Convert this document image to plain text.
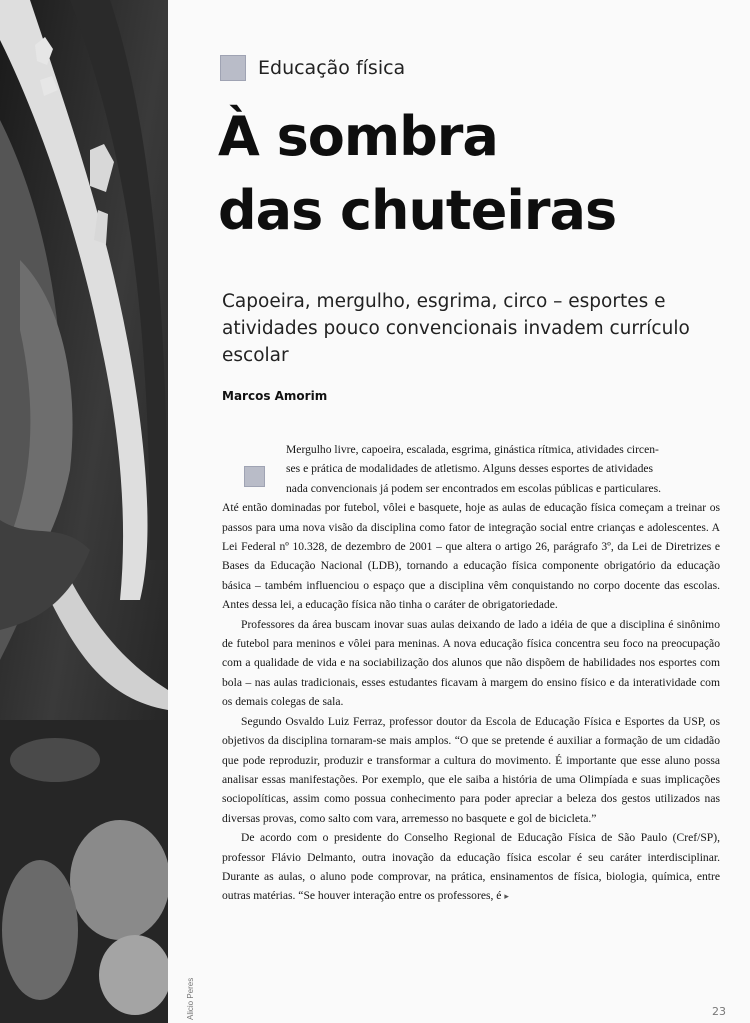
Alicio Peres
Educação física
À sombra
das chuteiras

Capoeira, mergulho, esgrima, circo – esportes e atividades pouco convencionais invadem currículo escolar

Marcos Amorim

Mergulho livre, capoeira, escalada, esgrima, ginástica rítmica, atividades circen-
ses e prática de modalidades de atletismo. Alguns desses esportes de atividades
nada convencionais já podem ser encontrados em escolas públicas e particulares.
Até então dominadas por futebol, vôlei e basquete, hoje as aulas de educação física começam a treinar os passos para uma nova visão da disciplina como fator de integração social entre crianças e adolescentes. A Lei Federal nº 10.328, de dezembro de 2001 – que altera o artigo 26, parágrafo 3º, da Lei de Diretrizes e Bases da Educação Nacional (LDB), tornando a educação física componente obrigatório da educação básica – também influenciou o espaço que a disciplina vêm conquistando no corpo docente das escolas. Antes dessa lei, a educação física não tinha o caráter de obrigatoriedade.

Professores da área buscam inovar suas aulas deixando de lado a idéia de que a disciplina é sinônimo de futebol para meninos e vôlei para meninas. A nova educação física concentra seu foco na preocupação com a qualidade de vida e na sociabilização dos alunos que não dispõem de habilidades nos esportes com bola – nas aulas tradicionais, esses estudantes ficavam à margem do ensino físico e da interatividade com os demais colegas de sala.

Segundo Osvaldo Luiz Ferraz, professor doutor da Escola de Educação Física e Esportes da USP, os objetivos da disciplina tornaram-se mais amplos. “O que se pretende é auxiliar a formação de um cidadão que pode reproduzir, produzir e transformar a cultura do movimento. É importante que esse aluno possa analisar essas manifestações. Por exemplo, que ele saiba a história de uma Olimpíada e suas implicações sociopolíticas, assim como possua conhecimento para poder apreciar a beleza dos gestos utilizados nas diversas provas, como salto com vara, arremesso no basquete e gol de bicicleta.”

De acordo com o presidente do Conselho Regional de Educação Física de São Paulo (Cref/SP), professor Flávio Delmanto, outra inovação da educação física escolar é seu caráter interdisciplinar. Durante as aulas, o aluno pode comprovar, na prática, ensinamentos de física, biologia, química, entre outras matérias. “Se houver interação entre os professores, é ▸

23
